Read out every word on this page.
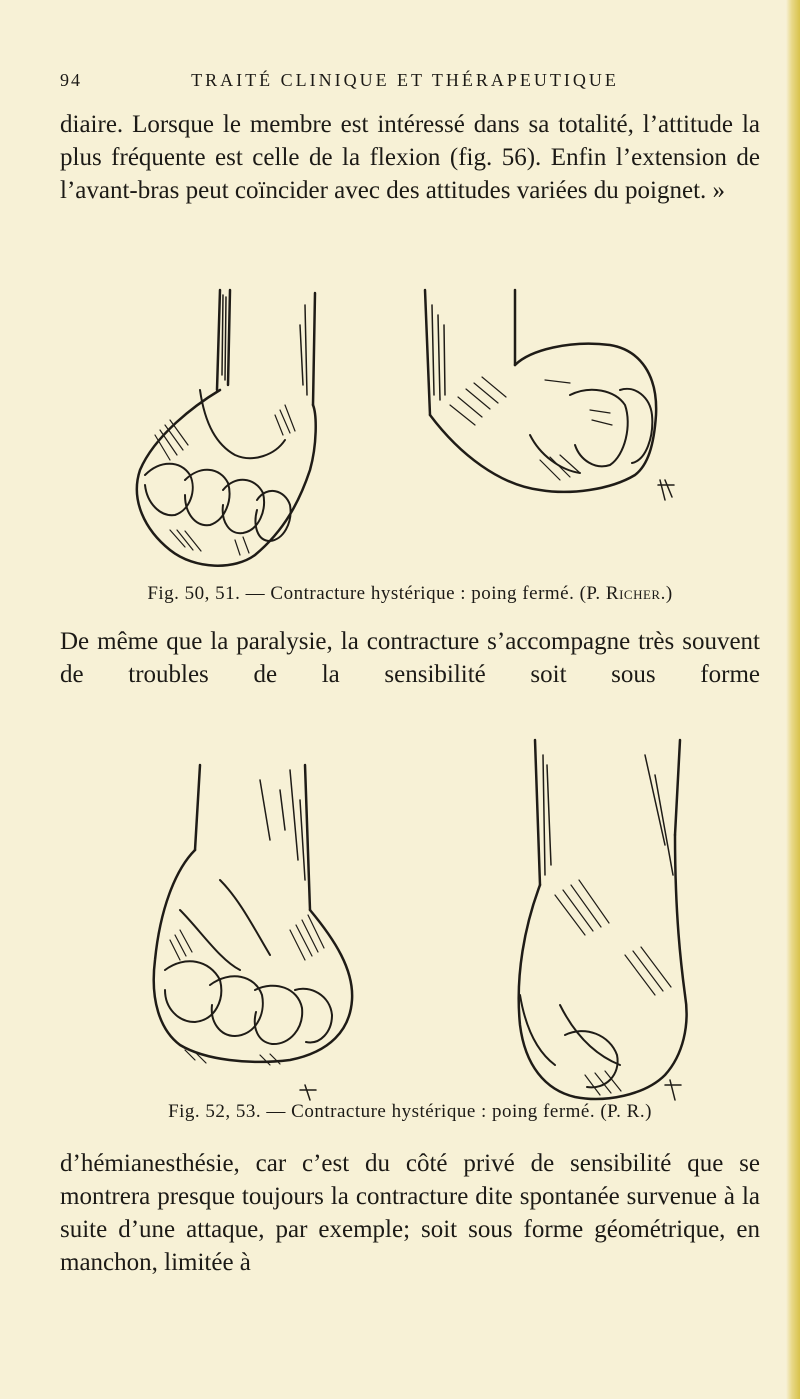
94	TRAITÉ CLINIQUE ET THÉRAPEUTIQUE

diaire. Lorsque le membre est intéressé dans sa totalité, l’attitude la plus fréquente est celle de la flexion (fig. 56). Enfin l’extension de l’avant-bras peut coïncider avec des attitudes variées du poignet. »

Fig. 50, 51. — Contracture hystérique : poing fermé. (P. Richer.)

De même que la paralysie, la contracture s’accompagne très souvent de troubles de la sensibilité soit sous forme

Fig. 52, 53. — Contracture hystérique : poing fermé. (P. R.)

d’hémianesthésie, car c’est du côté privé de sensibilité que se montrera presque toujours la contracture dite spontanée survenue à la suite d’une attaque, par exemple; soit sous forme géométrique, en manchon, limitée à
